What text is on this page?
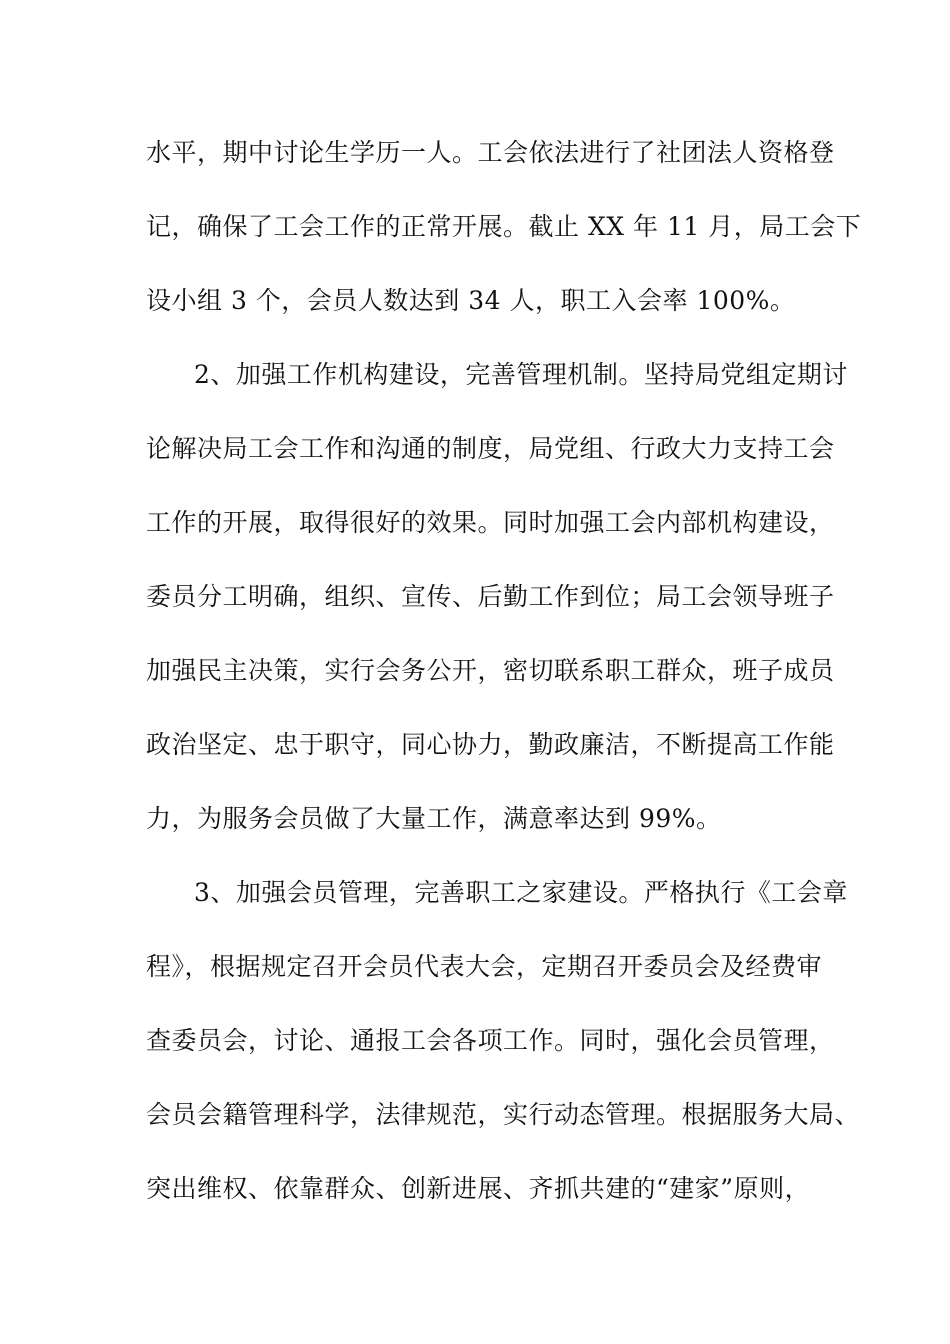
水平，期中讨论生学历一人。工会依法进行了社团法人资格登
记，确保了工会工作的正常开展。截止 XX 年 11 月，局工会下
设小组 3 个，会员人数达到 34 人，职工入会率 100%。
2、加强工作机构建设，完善管理机制。坚持局党组定期讨
论解决局工会工作和沟通的制度，局党组、行政大力支持工会
工作的开展，取得很好的效果。同时加强工会内部机构建设，
委员分工明确，组织、宣传、后勤工作到位；局工会领导班子
加强民主决策，实行会务公开，密切联系职工群众，班子成员
政治坚定、忠于职守，同心协力，勤政廉洁，不断提高工作能
力，为服务会员做了大量工作，满意率达到 99%。
3、加强会员管理，完善职工之家建设。严格执行《工会章
程》，根据规定召开会员代表大会，定期召开委员会及经费审
查委员会，讨论、通报工会各项工作。同时，强化会员管理，
会员会籍管理科学，法律规范，实行动态管理。根据服务大局、
突出维权、依靠群众、创新进展、齐抓共建的“建家”原则，
